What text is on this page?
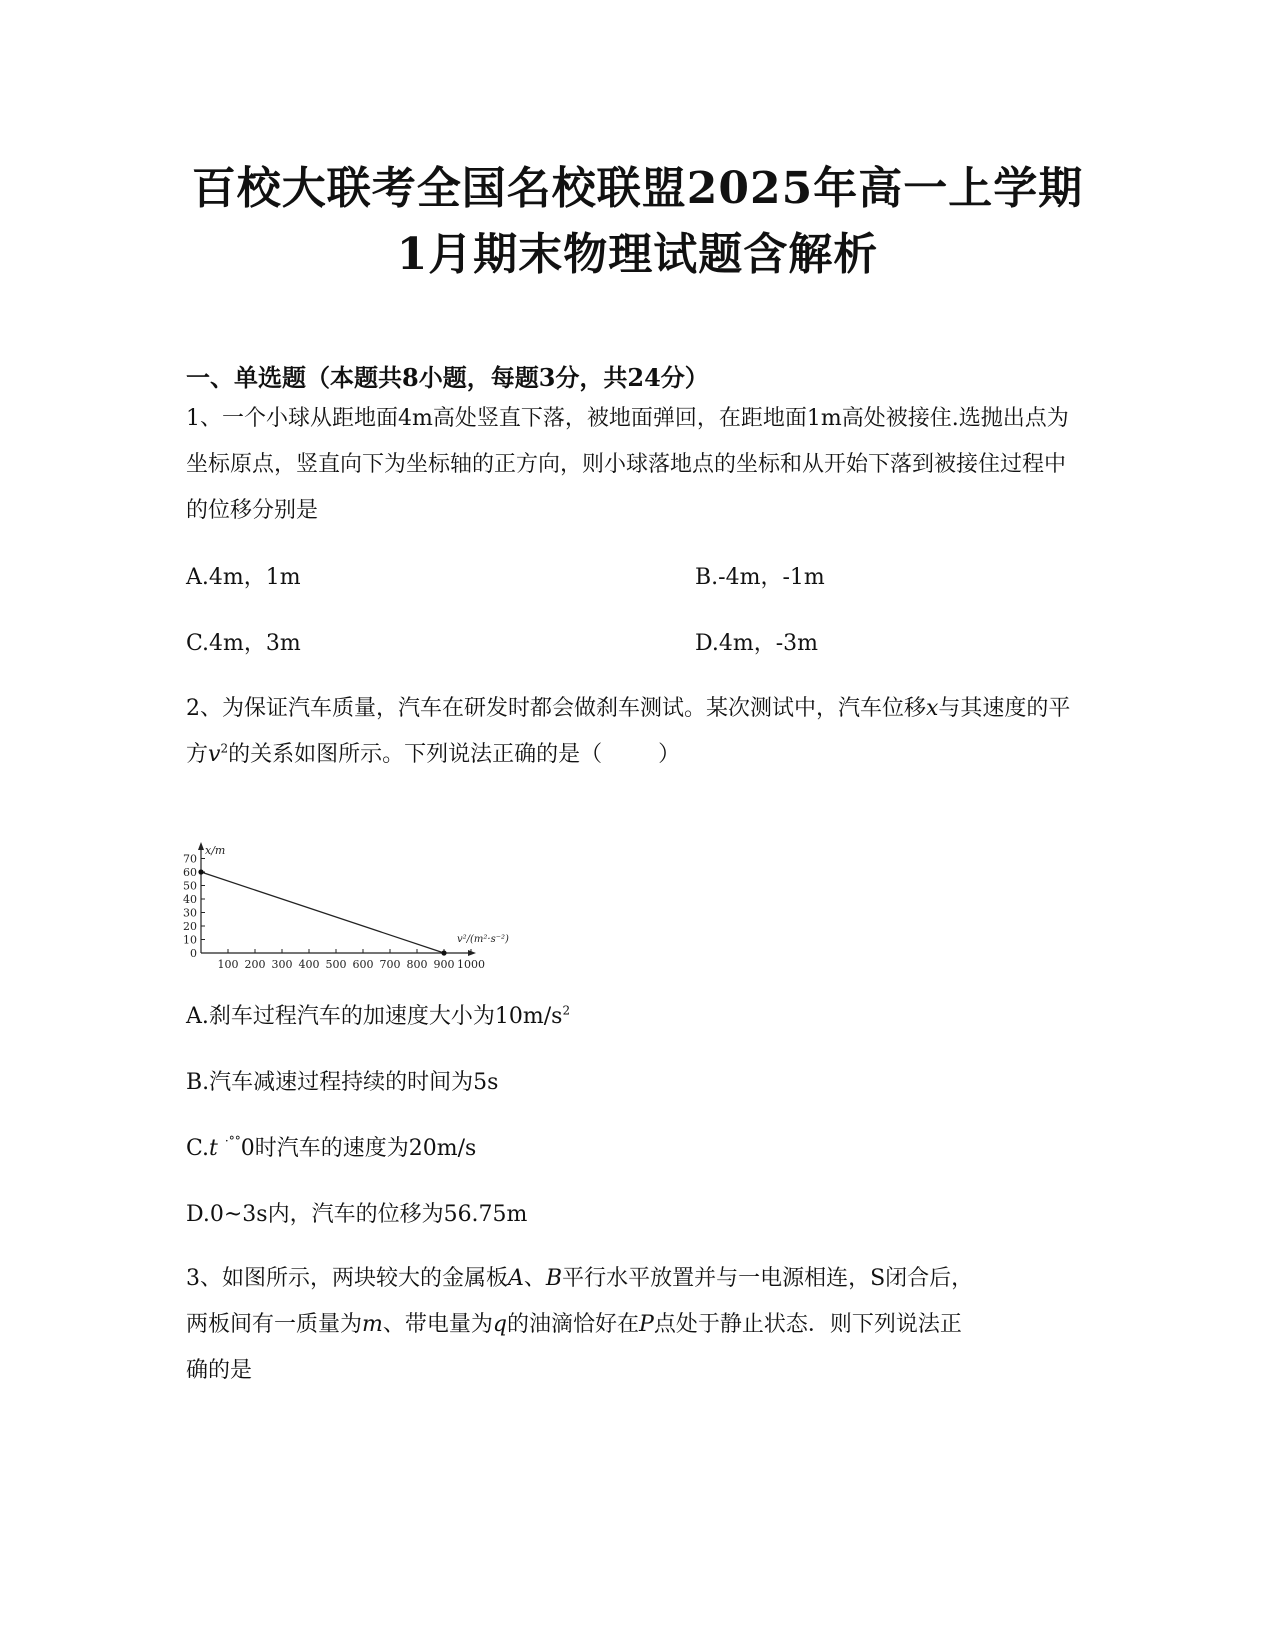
百校大联考全国名校联盟2025年高一上学期
1月期末物理试题含解析
一、单选题（本题共8小题，每题3分，共24分）
1、一个小球从距地面4m高处竖直下落，被地面弹回，在距地面1m高处被接住.选抛出点为坐标原点，竖直向下为坐标轴的正方向，则小球落地点的坐标和从开始下落到被接住过程中的位移分别是
A.4m，1m	B.-4m，-1m
C.4m，3m	D.4m，-3m
2、为保证汽车质量，汽车在研发时都会做刹车测试。某次测试中，汽车位移x与其速度的平方$v^2$的关系如图所示。下列说法正确的是（	）
0
10
20
30
40
50
60
70
100 200 300 400 500 600 700 800 900 1000
x/m
v²/(m²·s⁻²)
A.刹车过程汽车的加速度大小为$10m/s^2$
B.汽车减速过程持续的时间为5s
C.t ·°°0时汽车的速度为20m/s
D.0~3s内，汽车的位移为56.75m
3、如图所示，两块较大的金属板A、B平行水平放置并与一电源相连，S闭合后，
两板间有一质量为m、带电量为q的油滴恰好在P点处于静止状态．则下列说法正
确的是
